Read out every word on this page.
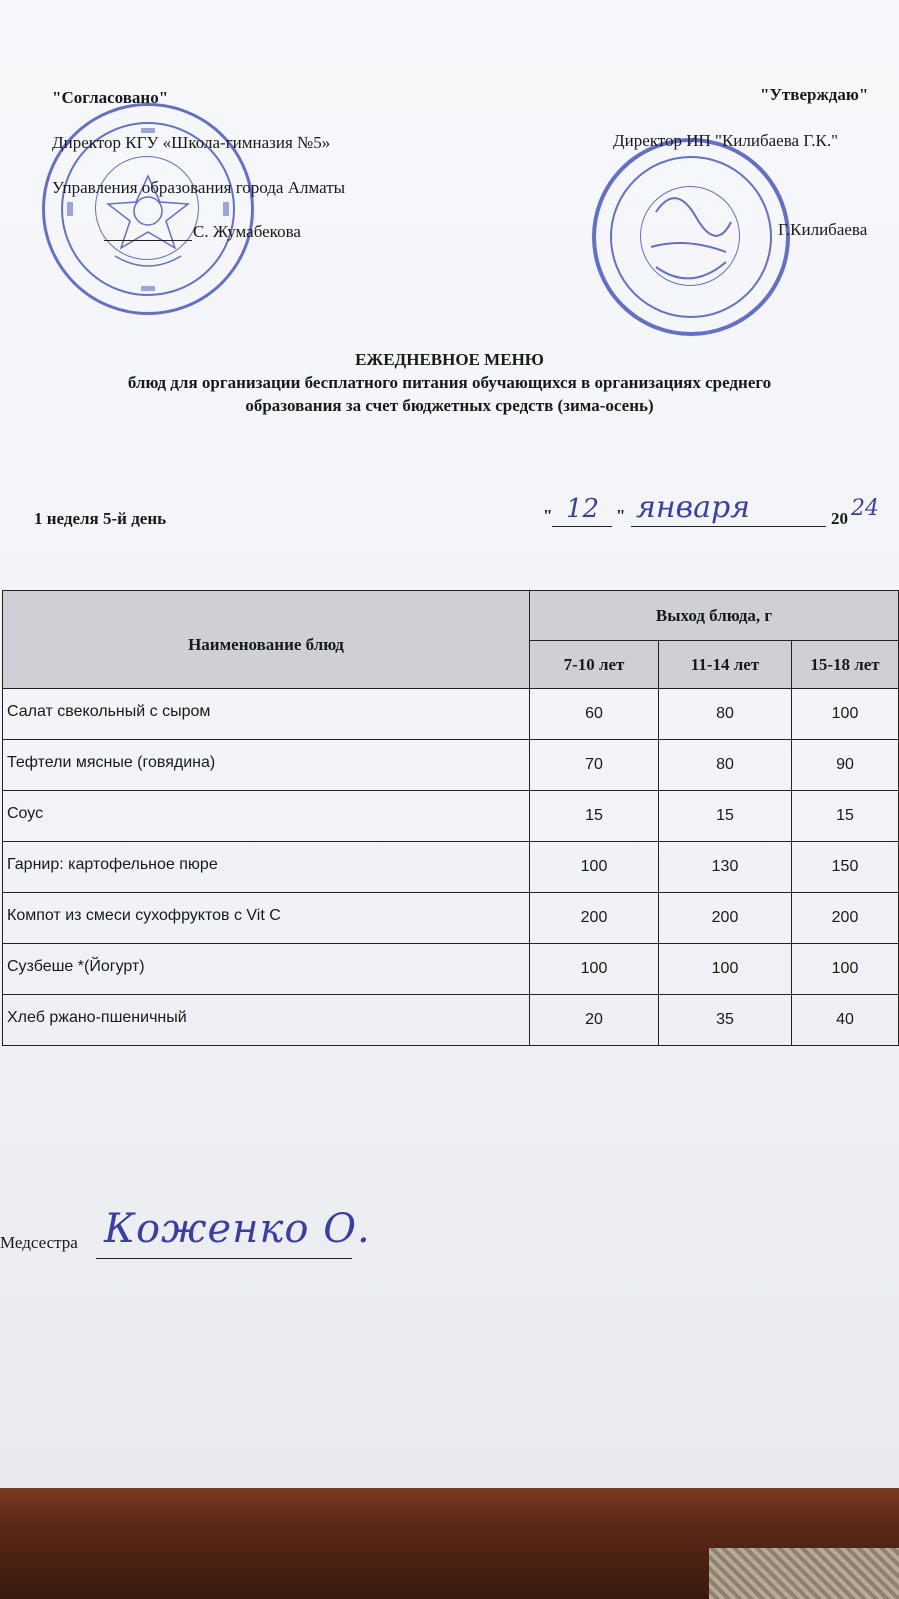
"Согласовано"
Директор КГУ «Школа-гимназия №5»
Управления образования города Алматы
С. Жумабекова
"Утверждаю"
Директор ИП "Килибаева Г.К."
Г.Килибаева
ЕЖЕДНЕВНОЕ МЕНЮ
блюд для организации бесплатного питания обучающихся в организациях среднего
образования за счет бюджетных средств (зима-осень)
1 неделя 5-й день	" 12 " января	20 24
Наименование блюд	Выход блюда, г		
	7-10 лет	11-14 лет	15-18 лет
Салат свекольный с сыром	60	80	100
Тефтели мясные (говядина)	70	80	90
Соус	15	15	15
Гарнир: картофельное пюре	100	130	150
Компот из смеси сухофруктов с Vit C	200	200	200
Сузбеше *(Йогурт)	100	100	100
Хлеб ржано-пшеничный	20	35	40
Медсестра Коженко О.
